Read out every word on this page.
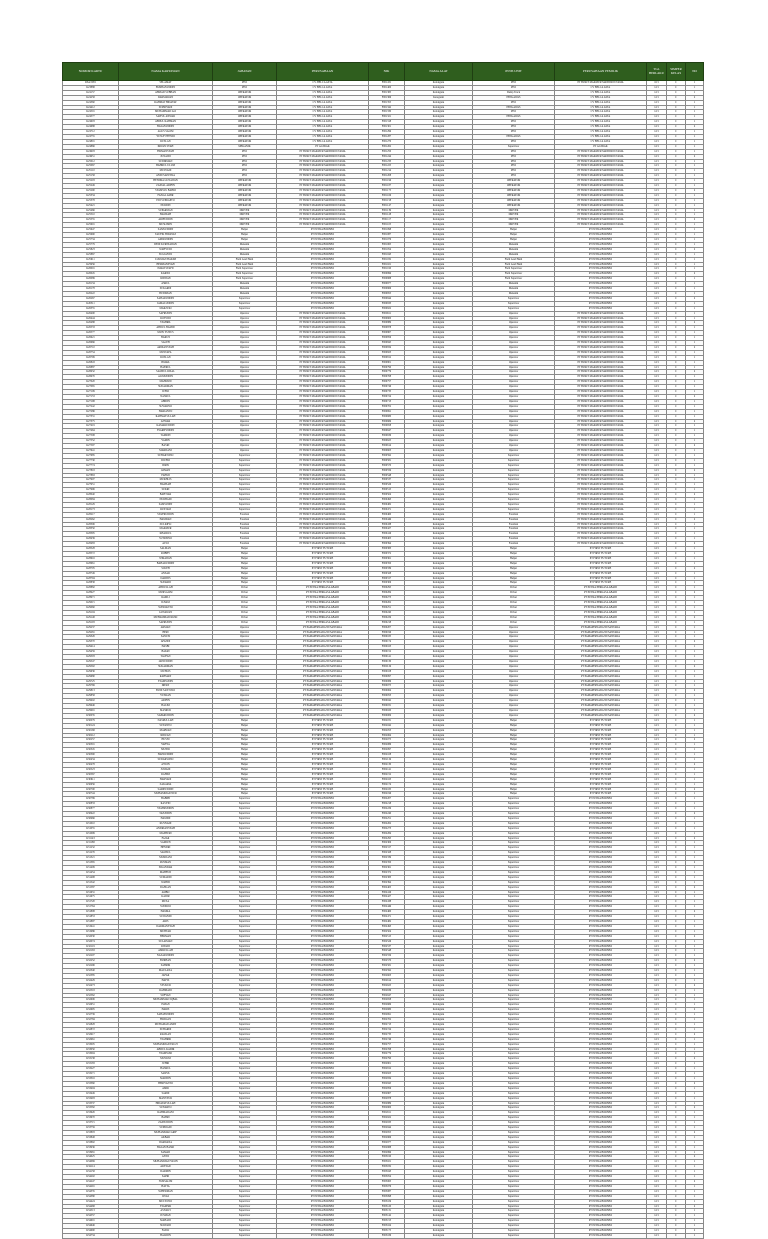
NOMOR KARTU	NAMA KARYAWAN	JABATAN	PERUSAHAAN	NIK	NAMA ALAT	JENIS UNIT	PERUSAHAAN PEMILIK	TGL BERLAKU	SIMPER KELAS	NO
RSA 0081	SELAMAT	PEO	CV. BELCA ASTA	F001431	Kalonganu	PEO	PT BUKIT MAKMUR MANDIRI UTAMA	10/1	C	1
K23888	BURHANUDDIN	PEO	CV BELCA ASTA	F001400	Kalonganu	PEO	CV BELCA ASTA	12/1	C	1
K24157	AHMAD SUBHAN	OPERATOR	CV BELCA ASTA	F001385	Kalonganu	Dump Truck	CV BELCA ASTA	12/1	C	1
K24258	DARMAWAN	OPERATOR	CV BELCA ASTA	F001366	Karaganni	PENGAWAS	CV BELCA ASTA	12/1	C	2
K24360	RAHMAT HIDAYAT	OPERATOR	CV BELCA ASTA	F001355	Kalonganu	PEO	CV BELCA ASTA	12/1	C	1
K24412	SUPRIYADI	OPERATOR	CV BELCA ASTA	F001342	Kalonganu	PENGAWAS	CV BELCA ASTA	12/1	C	1
K24501	MUHAMMAD ALI	OPERATOR	CV BELCA ASTA	F001330	Kalonganu	PEO	CV BELCA ASTA	12/1	C	1
K24577	SAIFUL ANWAR	OPERATOR	CV BELCA ASTA	F001321	Kalonganu	PENGAWAS	CV BELCA ASTA	12/1	C	1
K24603	ABDUL RAHMAN	OPERATOR	CV BELCA ASTA	F001318	Kalonganu	PEO	CV BELCA ASTA	12/1	C	1
K24688	HASANUDDIN	OPERATOR	CV BELCA ASTA	F001301	Kalonganu	PEO	CV BELCA ASTA	12/1	C	2
K24712	AGUS SALIM	OPERATOR	CV BELCA ASTA	F001299	Kalonganu	PEO	CV BELCA ASTA	12/1	C	1
K24755	YUSUF EFENDI	OPERATOR	CV BELCA ASTA	F001287	Kalonganu	PENGAWAS	CV BELCA ASTA	12/1	C	1
K24801	RUSLAN	OPERATOR	CV BELCA ASTA	F001270	Kalonganu	PEO	CV BELCA ASTA	12/1	C	1
K24866	IRWAN SYAH	MEKANIK	PT AGTRAK	F001262	Kalonganu	Supervisor	PT AGTRAK	12/1	C	1
K24903	FIRMANSYAH	PEO	PT BUKIT MAKMUR MANDIRI UTAMA	F001250	Kalonganu	PEO	PT BUKIT MAKMUR MANDIRI UTAMA	12/1	C	1
K24951	JUNAIDI	PEO	PT BUKIT MAKMUR MANDIRI UTAMA	F001244	Kalonganu	PEO	PT BUKIT MAKMUR MANDIRI UTAMA	12/1	C	2
K25012	SUDIRMAN	PEO	PT BUKIT MAKMUR MANDIRI UTAMA	F001233	Kalonganu	PEO	PT BUKIT MAKMUR MANDIRI UTAMA	12/1	C	1
K25067	BAHRUL ULUM	PEO	PT BUKIT MAKMUR MANDIRI UTAMA	F001225	Kalonganu	PEO	PT BUKIT MAKMUR MANDIRI UTAMA	12/1	C	1
K25110	MULYADI	PEO	PT BUKIT MAKMUR MANDIRI UTAMA	F001214	Kalonganu	PEO	PT BUKIT MAKMUR MANDIRI UTAMA	12/1	C	1
K25158	ANDI SAPUTRA	PEO	PT BUKIT MAKMUR MANDIRI UTAMA	F001208	Kalonganu	PEO	PT BUKIT MAKMUR MANDIRI UTAMA	12/1	C	1
K25203	HENDRA GUNAWAN	OPERATOR	PT BUKIT MAKMUR MANDIRI UTAMA	F001196	Kalonganu	OPERATOR	PT BUKIT MAKMUR MANDIRI UTAMA	12/1	C	1
K25249	ZAINAL ARIFIN	OPERATOR	PT BUKIT MAKMUR MANDIRI UTAMA	F001187	Kalonganu	OPERATOR	PT BUKIT MAKMUR MANDIRI UTAMA	12/1	C	1
K25290	SYAMSUL BAHRI	OPERATOR	PT BUKIT MAKMUR MANDIRI UTAMA	F001175	Kalonganu	OPERATOR	PT BUKIT MAKMUR MANDIRI UTAMA	12/1	C	2
K25334	FAISAL AMIR	OPERATOR	PT BUKIT MAKMUR MANDIRI UTAMA	F001166	Kalonganu	OPERATOR	PT BUKIT MAKMUR MANDIRI UTAMA	12/1	C	1
K25378	EDI SUPRAPTO	OPERATOR	PT BUKIT MAKMUR MANDIRI UTAMA	F001158	Kalonganu	OPERATOR	PT BUKIT MAKMUR MANDIRI UTAMA	12/1	C	1
K25421	NURDIN	OPERATOR	PT BUKIT MAKMUR MANDIRI UTAMA	F001147	Kalonganu	OPERATOR	PT BUKIT MAKMUR MANDIRI UTAMA	12/1	C	1
K25466	SUPARMAN	DRIVER	PT BUKIT MAKMUR MANDIRI UTAMA	F001139	Kalonganu	DRIVER	PT BUKIT MAKMUR MANDIRI UTAMA	12/1	C	1
K25510	HAMZAH	DRIVER	PT BUKIT MAKMUR MANDIRI UTAMA	F001128	Kalonganu	DRIVER	PT BUKIT MAKMUR MANDIRI UTAMA	12/1	C	1
K25555	ARIFUDDIN	DRIVER	PT BUKIT MAKMUR MANDIRI UTAMA	F001117	Kalonganu	DRIVER	PT BUKIT MAKMUR MANDIRI UTAMA	12/1	C	2
K25601	MUSLIMIN	DRIVER	PT BUKIT MAKMUR MANDIRI UTAMA	F001105	Kalonganu	DRIVER	PT BUKIT MAKMUR MANDIRI UTAMA	12/1	C	1
K25647	SAMSUDDIN	Helper	PT PUTRA BORNEO	F001098	Kalonganu	Helper	PT PUTRA BORNEO	12/1	C	1
K25690	TAUFIK HIDAYAT	Helper	PT PUTRA BORNEO	F001087	Kalonganu	Helper	PT PUTRA BORNEO	12/1	C	1
K25734	AMIRUDDIN	Helper	PT PUTRA BORNEO	F001076	Kalonganu	Helper	PT PUTRA BORNEO	12/1	C	1
K25779	DEDI KURNIAWAN	Mekanik	PT PUTRA BORNEO	F001065	Kalonganu	Mekanik	PT PUTRA BORNEO	12/1	C	1
K25823	WAHYUDI	Mekanik	PT PUTRA BORNEO	F001054	Kalonganu	Mekanik	PT PUTRA BORNEO	12/1	C	2
K25867	SUGIANTO	Mekanik	PT PUTRA BORNEO	F001043	Kalonganu	Mekanik	PT PUTRA BORNEO	12/1	C	1
K25911	LUKMAN HAKIM	Field Lead Hand	PT PUTRA BORNEO	F001032	Kalonganu	Field Lead Hand	PT PUTRA BORNEO	12/1	C	1
K25956	HERMANSYAH	Field Lead Hand	PT PUTRA BORNEO	F001021	Kalonganu	Field Lead Hand	PT PUTRA BORNEO	12/1	C	1
K26001	IMAM SYAFII	Field Supervisor	PT PUTRA BORNEO	F001010	Kalonganu	Field Supervisor	PT PUTRA BORNEO	12/1	C	1
K26045	KARNO	Field Supervisor	PT PUTRA BORNEO	F000999	Kalonganu	Field Supervisor	PT PUTRA BORNEO	12/1	C	2
K26089	RIDWAN	Field Supervisor	PT PUTRA BORNEO	F000988	Kalonganu	Field Supervisor	PT PUTRA BORNEO	12/1	C	1
K26134	ASRUL	Mekanik	PT PUTRA BORNEO	F000977	Kalonganu	Mekanik	PT PUTRA BORNEO	12/1	C	1
K26178	SUKARDI	Mekanik	PT PUTRA BORNEO	F000966	Kalonganu	Mekanik	PT PUTRA BORNEO	12/1	C	1
K26222	BUDIMAN	Mekanik	PT PUTRA BORNEO	F000955	Kalonganu	Mekanik	PT PUTRA BORNEO	12/1	C	1
K26267	SAHARUDDIN	Supervisor	PT PUTRA BORNEO	F000944	Kalonganu	Supervisor	PT PUTRA BORNEO	12/1	C	2
K26311	JAMALUDDIN	Supervisor	PT PUTRA BORNEO	F000933	Kalonganu	Supervisor	PT PUTRA BORNEO	12/1	C	1
K26355	MARZUKI	Supervisor	PT PUTRA BORNEO	F000922	Kalonganu	Supervisor	PT PUTRA BORNEO	12/1	C	1
K26400	SAFRUDIN	Operator	PT BUKIT MAKMUR MANDIRI UTAMA	F000911	Kalonganu	Operator	PT BUKIT MAKMUR MANDIRI UTAMA	12/1	C	1
K26444	ROSYIDI	Operator	PT BUKIT MAKMUR MANDIRI UTAMA	F000900	Kalonganu	Operator	PT BUKIT MAKMUR MANDIRI UTAMA	12/1	C	1
K26488	SYAHRIL	Operator	PT BUKIT MAKMUR MANDIRI UTAMA	F000889	Kalonganu	Operator	PT BUKIT MAKMUR MANDIRI UTAMA	12/1	C	2
K26533	ABDUL HAMID	Operator	PT BUKIT MAKMUR MANDIRI UTAMA	F000878	Kalonganu	Operator	PT BUKIT MAKMUR MANDIRI UTAMA	12/1	C	1
K26577	MUH. YUNUS	Operator	PT BUKIT MAKMUR MANDIRI UTAMA	F000867	Kalonganu	Operator	PT BUKIT MAKMUR MANDIRI UTAMA	12/1	C	1
K26621	HARUN	Operator	PT BUKIT MAKMUR MANDIRI UTAMA	F000856	Kalonganu	Operator	PT BUKIT MAKMUR MANDIRI UTAMA	12/1	C	1
K26666	SALEH	Operator	PT BUKIT MAKMUR MANDIRI UTAMA	F000845	Kalonganu	Operator	PT BUKIT MAKMUR MANDIRI UTAMA	12/1	C	1
K26710	ARDIANSYAH	Operator	PT BUKIT MAKMUR MANDIRI UTAMA	F000834	Kalonganu	Operator	PT BUKIT MAKMUR MANDIRI UTAMA	12/1	C	2
K26754	MUSTAFA	Operator	PT BUKIT MAKMUR MANDIRI UTAMA	F000823	Kalonganu	Operator	PT BUKIT MAKMUR MANDIRI UTAMA	12/1	C	1
K26799	ROSLAN	Operator	PT BUKIT MAKMUR MANDIRI UTAMA	F000812	Kalonganu	Operator	PT BUKIT MAKMUR MANDIRI UTAMA	12/1	C	1
K26843	ISMAIL	Operator	PT BUKIT MAKMUR MANDIRI UTAMA	F000801	Kalonganu	Operator	PT BUKIT MAKMUR MANDIRI UTAMA	12/1	C	1
K26887	HAERUL	Operator	PT BUKIT MAKMUR MANDIRI UTAMA	F000790	Kalonganu	Operator	PT BUKIT MAKMUR MANDIRI UTAMA	12/1	C	1
K26932	SAMSUL RIZAL	Operator	PT BUKIT MAKMUR MANDIRI UTAMA	F000779	Kalonganu	Operator	PT BUKIT MAKMUR MANDIRI UTAMA	12/1	C	2
K26976	ALIMUDDIN	Operator	PT BUKIT MAKMUR MANDIRI UTAMA	F000768	Kalonganu	Operator	PT BUKIT MAKMUR MANDIRI UTAMA	12/1	C	1
K27020	MAHMUD	Operator	PT BUKIT MAKMUR MANDIRI UTAMA	F000757	Kalonganu	Operator	PT BUKIT MAKMUR MANDIRI UTAMA	12/1	C	1
K27065	SUDARMAN	Operator	PT BUKIT MAKMUR MANDIRI UTAMA	F000746	Kalonganu	Operator	PT BUKIT MAKMUR MANDIRI UTAMA	12/1	C	1
K27109	JUFRI	Operator	PT BUKIT MAKMUR MANDIRI UTAMA	F000735	Kalonganu	Operator	PT BUKIT MAKMUR MANDIRI UTAMA	12/1	C	1
K27153	NASRUL	Operator	PT BUKIT MAKMUR MANDIRI UTAMA	F000724	Kalonganu	Operator	PT BUKIT MAKMUR MANDIRI UTAMA	12/1	C	2
K27198	ABIDIN	Operator	PT BUKIT MAKMUR MANDIRI UTAMA	F000713	Kalonganu	Operator	PT BUKIT MAKMUR MANDIRI UTAMA	12/1	C	1
K27242	SUWARNO	Operator	PT BUKIT MAKMUR MANDIRI UTAMA	F000702	Kalonganu	Operator	PT BUKIT MAKMUR MANDIRI UTAMA	12/1	C	1
K27286	HARIANTO	Operator	PT BUKIT MAKMUR MANDIRI UTAMA	F000691	Kalonganu	Operator	PT BUKIT MAKMUR MANDIRI UTAMA	12/1	C	1
K27331	RAHMATULLAH	Operator	PT BUKIT MAKMUR MANDIRI UTAMA	F000680	Kalonganu	Operator	PT BUKIT MAKMUR MANDIRI UTAMA	12/1	C	1
K27375	ANWAR	Operator	PT BUKIT MAKMUR MANDIRI UTAMA	F000669	Kalonganu	Operator	PT BUKIT MAKMUR MANDIRI UTAMA	12/1	C	2
K27419	KAMARUDDIN	Operator	PT BUKIT MAKMUR MANDIRI UTAMA	F000658	Kalonganu	Operator	PT BUKIT MAKMUR MANDIRI UTAMA	12/1	C	1
K27464	SYARIFUDDIN	Operator	PT BUKIT MAKMUR MANDIRI UTAMA	F000647	Kalonganu	Operator	PT BUKIT MAKMUR MANDIRI UTAMA	12/1	C	1
K27508	TAMRIN	Operator	PT BUKIT MAKMUR MANDIRI UTAMA	F000636	Kalonganu	Operator	PT BUKIT MAKMUR MANDIRI UTAMA	12/1	C	1
K27552	YAMIN	Operator	PT BUKIT MAKMUR MANDIRI UTAMA	F000625	Kalonganu	Operator	PT BUKIT MAKMUR MANDIRI UTAMA	12/1	C	1
K27597	BASRI	Operator	PT BUKIT MAKMUR MANDIRI UTAMA	F000614	Kalonganu	Operator	PT BUKIT MAKMUR MANDIRI UTAMA	12/1	C	2
K27641	MARDANI	Operator	PT BUKIT MAKMUR MANDIRI UTAMA	F000603	Kalonganu	Operator	PT BUKIT MAKMUR MANDIRI UTAMA	12/1	C	1
K27685	SUHARTONO	Supervisor	PT BUKIT MAKMUR MANDIRI UTAMA	F000592	Kalonganu	Supervisor	PT BUKIT MAKMUR MANDIRI UTAMA	12/1	C	1
K27730	DJUFRI	Supervisor	PT BUKIT MAKMUR MANDIRI UTAMA	F000581	Kalonganu	Supervisor	PT BUKIT MAKMUR MANDIRI UTAMA	12/1	C	1
K27774	IDRIS	Supervisor	PT BUKIT MAKMUR MANDIRI UTAMA	F000570	Kalonganu	Supervisor	PT BUKIT MAKMUR MANDIRI UTAMA	12/1	C	1
K27818	ASMAN	Supervisor	PT BUKIT MAKMUR MANDIRI UTAMA	F000559	Kalonganu	Supervisor	PT BUKIT MAKMUR MANDIRI UTAMA	12/1	C	2
K27863	FAHMI	Supervisor	PT BUKIT MAKMUR MANDIRI UTAMA	F000548	Kalonganu	Supervisor	PT BUKIT MAKMUR MANDIRI UTAMA	12/1	C	1
K27907	MUKHLIS	Supervisor	PT BUKIT MAKMUR MANDIRI UTAMA	F000537	Kalonganu	Supervisor	PT BUKIT MAKMUR MANDIRI UTAMA	12/1	C	1
K27951	HAMSAH	Supervisor	PT BUKIT MAKMUR MANDIRI UTAMA	F000526	Kalonganu	Supervisor	PT BUKIT MAKMUR MANDIRI UTAMA	12/1	C	1
K27996	SUKRI	Supervisor	PT BUKIT MAKMUR MANDIRI UTAMA	F000515	Kalonganu	Supervisor	PT BUKIT MAKMUR MANDIRI UTAMA	12/1	C	1
K28040	BAHTIAR	Supervisor	PT BUKIT MAKMUR MANDIRI UTAMA	F000504	Kalonganu	Supervisor	PT BUKIT MAKMUR MANDIRI UTAMA	12/1	C	2
K28084	NURHADI	Supervisor	PT BUKIT MAKMUR MANDIRI UTAMA	F000493	Kalonganu	Supervisor	PT BUKIT MAKMUR MANDIRI UTAMA	12/1	C	1
K28129	SAMSUDIN	Supervisor	PT BUKIT MAKMUR MANDIRI UTAMA	F000482	Kalonganu	Supervisor	PT BUKIT MAKMUR MANDIRI UTAMA	12/1	C	1
K28173	RUSTAM	Supervisor	PT BUKIT MAKMUR MANDIRI UTAMA	F000471	Kalonganu	Supervisor	PT BUKIT MAKMUR MANDIRI UTAMA	12/1	C	1
K28217	SYAFRUDDIN	Foreman	PT BUKIT MAKMUR MANDIRI UTAMA	F000460	Kalonganu	Foreman	PT BUKIT MAKMUR MANDIRI UTAMA	12/1	C	1
K28262	HAMDAN	Foreman	PT BUKIT MAKMUR MANDIRI UTAMA	F000449	Kalonganu	Foreman	PT BUKIT MAKMUR MANDIRI UTAMA	12/1	C	2
K28306	ZULKIFLI	Foreman	PT BUKIT MAKMUR MANDIRI UTAMA	F000438	Kalonganu	Foreman	PT BUKIT MAKMUR MANDIRI UTAMA	12/1	C	1
K28350	MAKMUR	Foreman	PT BUKIT MAKMUR MANDIRI UTAMA	F000427	Kalonganu	Foreman	PT BUKIT MAKMUR MANDIRI UTAMA	12/1	C	1
K28395	KHAIRUL	Foreman	PT BUKIT MAKMUR MANDIRI UTAMA	F000416	Kalonganu	Foreman	PT BUKIT MAKMUR MANDIRI UTAMA	12/1	C	1
K28439	SUTRISNO	Foreman	PT BUKIT MAKMUR MANDIRI UTAMA	F000405	Kalonganu	Foreman	PT BUKIT MAKMUR MANDIRI UTAMA	12/1	C	1
K28483	ALWI	Foreman	PT BUKIT MAKMUR MANDIRI UTAMA	F000394	Kalonganu	Foreman	PT BUKIT MAKMUR MANDIRI UTAMA	12/1	C	2
K28528	SALMAN	Helper	PT FIRST FUTURE	F000383	Kalonganu	Helper	PT FIRST FUTURE	12/1	C	1
K28572	ROBBY	Helper	PT FIRST FUTURE	F000372	Kalonganu	Helper	PT FIRST FUTURE	12/1	C	1
K28616	WIRAWAN	Helper	PT FIRST FUTURE	F000361	Kalonganu	Helper	PT FIRST FUTURE	12/1	C	1
K28661	BAHARUDDIN	Helper	PT FIRST FUTURE	F000350	Kalonganu	Helper	PT FIRST FUTURE	12/1	C	1
K28705	SOLEH	Helper	PT FIRST FUTURE	F000339	Kalonganu	Helper	PT FIRST FUTURE	12/1	C	2
K28749	ANSAR	Helper	PT FIRST FUTURE	F000328	Kalonganu	Helper	PT FIRST FUTURE	12/1	C	1
K28794	DARWIS	Helper	PT FIRST FUTURE	F000317	Kalonganu	Helper	PT FIRST FUTURE	12/1	C	1
K28838	SUPARDI	Helper	PT FIRST FUTURE	F000306	Kalonganu	Helper	PT FIRST FUTURE	12/1	C	1
K28882	ABDULLAH	Driver	PT PUTRA PERKASA ABADI	F000295	Kalonganu	Driver	PT PUTRA PERKASA ABADI	12/1	C	1
K28927	MURSALIM	Driver	PT PUTRA PERKASA ABADI	F000284	Kalonganu	Driver	PT PUTRA PERKASA ABADI	12/1	C	2
K28971	RAMLI	Driver	PT PUTRA PERKASA ABADI	F000273	Kalonganu	Driver	PT PUTRA PERKASA ABADI	12/1	C	1
K29015	ILHAM	Driver	PT PUTRA PERKASA ABADI	F000262	Kalonganu	Driver	PT PUTRA PERKASA ABADI	12/1	C	1
K29060	SUPRIANTO	Driver	PT PUTRA PERKASA ABADI	F000251	Kalonganu	Driver	PT PUTRA PERKASA ABADI	12/1	C	1
K29104	GUNAWAN	Driver	PT PUTRA PERKASA ABADI	F000240	Kalonganu	Driver	PT PUTRA PERKASA ABADI	12/1	C	1
K29148	MUHAMMAD RIZKI	Driver	PT PUTRA PERKASA ABADI	F000229	Kalonganu	Driver	PT PUTRA PERKASA ABADI	12/1	C	2
K29193	SAPRUDIN	Driver	PT PUTRA PERKASA ABADI	F000218	Kalonganu	Driver	PT PUTRA PERKASA ABADI	12/1	C	1
K29237	ARMAN	Operator	PT PAMAPERSADA NUSANTARA	F000207	Kalonganu	Operator	PT PAMAPERSADA NUSANTARA	12/1	C	1
K29281	HERI	Operator	PT PAMAPERSADA NUSANTARA	F000196	Kalonganu	Operator	PT PAMAPERSADA NUSANTARA	12/1	C	1
K29326	SANUSI	Operator	PT PAMAPERSADA NUSANTARA	F000185	Kalonganu	Operator	PT PAMAPERSADA NUSANTARA	12/1	C	1
K29370	AFANDI	Operator	PT PAMAPERSADA NUSANTARA	F000174	Kalonganu	Operator	PT PAMAPERSADA NUSANTARA	12/1	C	2
K29414	HASBI	Operator	PT PAMAPERSADA NUSANTARA	F000163	Kalonganu	Operator	PT PAMAPERSADA NUSANTARA	12/1	C	1
K29459	BAKRI	Operator	PT PAMAPERSADA NUSANTARA	F000152	Kalonganu	Operator	PT PAMAPERSADA NUSANTARA	12/1	C	1
K29503	TAUFAN	Operator	PT PAMAPERSADA NUSANTARA	F000141	Kalonganu	Operator	PT PAMAPERSADA NUSANTARA	12/1	C	1
K29547	JAINUDDIN	Operator	PT PAMAPERSADA NUSANTARA	F000130	Kalonganu	Operator	PT PAMAPERSADA NUSANTARA	12/1	C	1
K29592	SUKARMAN	Operator	PT PAMAPERSADA NUSANTARA	F000119	Kalonganu	Operator	PT PAMAPERSADA NUSANTARA	12/1	C	2
K29636	MUHLIS	Operator	PT PAMAPERSADA NUSANTARA	F000108	Kalonganu	Operator	PT PAMAPERSADA NUSANTARA	12/1	C	1
K29680	RAHMAN	Operator	PT PAMAPERSADA NUSANTARA	F000097	Kalonganu	Operator	PT PAMAPERSADA NUSANTARA	12/1	C	1
K29725	SYAMSUDIN	Operator	PT PAMAPERSADA NUSANTARA	F000086	Kalonganu	Operator	PT PAMAPERSADA NUSANTARA	12/1	C	1
K29769	IRFAN	Operator	PT PAMAPERSADA NUSANTARA	F000075	Kalonganu	Operator	PT PAMAPERSADA NUSANTARA	12/1	C	1
K29813	BUDI SANTOSO	Operator	PT PAMAPERSADA NUSANTARA	F000064	Kalonganu	Operator	PT PAMAPERSADA NUSANTARA	12/1	C	2
K29858	YUSRAN	Operator	PT PAMAPERSADA NUSANTARA	F000053	Kalonganu	Operator	PT PAMAPERSADA NUSANTARA	12/1	C	1
K29902	ARIFIN	Operator	PT PAMAPERSADA NUSANTARA	F000042	Kalonganu	Operator	PT PAMAPERSADA NUSANTARA	12/1	C	1
K29946	HALIM	Operator	PT PAMAPERSADA NUSANTARA	F000031	Kalonganu	Operator	PT PAMAPERSADA NUSANTARA	12/1	C	1
K29991	MASRUR	Operator	PT PAMAPERSADA NUSANTARA	F000020	Kalonganu	Operator	PT PAMAPERSADA NUSANTARA	12/1	C	1
K30035	SAPARUDDIN	Operator	PT PAMAPERSADA NUSANTARA	F000009	Kalonganu	Operator	PT PAMAPERSADA NUSANTARA	12/1	C	2
K30079	NASRULLAH	Helper	PT FIRST FUTURE	F002031	Kalonganu	Helper	PT FIRST FUTURE	12/1	C	1
K30124	SUYANTO	Helper	PT FIRST FUTURE	F002042	Kalonganu	Helper	PT FIRST FUTURE	12/1	C	1
K30168	MARWAN	Helper	PT FIRST FUTURE	F002053	Kalonganu	Helper	PT FIRST FUTURE	12/1	C	1
K30212	RIDUAN	Helper	PT FIRST FUTURE	F002064	Kalonganu	Helper	PT FIRST FUTURE	12/1	C	1
K30257	HUSNI	Helper	PT FIRST FUTURE	F002075	Kalonganu	Helper	PT FIRST FUTURE	12/1	C	2
K30301	YAHYA	Helper	PT FIRST FUTURE	F002086	Kalonganu	Helper	PT FIRST FUTURE	12/1	C	1
K30345	MUNIR	Helper	PT FIRST FUTURE	F002097	Kalonganu	Helper	PT FIRST FUTURE	12/1	C	1
K30390	HAERUDDIN	Helper	PT FIRST FUTURE	F002108	Kalonganu	Helper	PT FIRST FUTURE	12/1	C	1
K30434	SUDARSONO	Helper	PT FIRST FUTURE	F002119	Kalonganu	Helper	PT FIRST FUTURE	12/1	C	1
K30478	ASWIN	Helper	PT FIRST FUTURE	F002130	Kalonganu	Helper	PT FIRST FUTURE	12/1	C	2
K30523	JUMADI	Helper	PT FIRST FUTURE	F002141	Kalonganu	Helper	PT FIRST FUTURE	12/1	C	1
K30567	RAHIM	Helper	PT FIRST FUTURE	F002152	Kalonganu	Helper	PT FIRST FUTURE	12/1	C	1
K30611	HARYADI	Helper	PT FIRST FUTURE	F002163	Kalonganu	Helper	PT FIRST FUTURE	12/1	C	1
K30656	ZAKARIA	Helper	PT FIRST FUTURE	F002174	Kalonganu	Helper	PT FIRST FUTURE	12/1	C	1
K30700	SARIPUDDIN	Helper	PT FIRST FUTURE	F002185	Kalonganu	Helper	PT FIRST FUTURE	12/1	C	2
K30744	MUHAMMAD NUR	Helper	PT FIRST FUTURE	F002196	Kalonganu	Helper	PT FIRST FUTURE	12/1	C	1
K30789	HABIBI	Supervisor	PT PUTRA BORNEO	F002207	Kalonganu	Supervisor	PT PUTRA BORNEO	12/1	C	1
K30833	RASYID	Supervisor	PT PUTRA BORNEO	F002218	Kalonganu	Supervisor	PT PUTRA BORNEO	12/1	C	1
K30877	SYAHRUDDIN	Supervisor	PT PUTRA BORNEO	F002229	Kalonganu	Supervisor	PT PUTRA BORNEO	12/1	C	1
K30922	TAJUDDIN	Supervisor	PT PUTRA BORNEO	F002240	Kalonganu	Supervisor	PT PUTRA BORNEO	12/1	C	2
K30966	HAMIDI	Supervisor	PT PUTRA BORNEO	F002251	Kalonganu	Supervisor	PT PUTRA BORNEO	12/1	C	1
K31010	KUSNADI	Supervisor	PT PUTRA BORNEO	F002262	Kalonganu	Supervisor	PT PUTRA BORNEO	12/1	C	1
K31055	ANDRIANSYAH	Supervisor	PT PUTRA BORNEO	F002273	Kalonganu	Supervisor	PT PUTRA BORNEO	12/1	C	1
K31099	MASHURI	Supervisor	PT PUTRA BORNEO	F002284	Kalonganu	Supervisor	PT PUTRA BORNEO	12/1	C	1
K31143	FAJAR	Supervisor	PT PUTRA BORNEO	F002295	Kalonganu	Supervisor	PT PUTRA BORNEO	12/1	C	2
K31188	SAMIUN	Supervisor	PT PUTRA BORNEO	F002306	Kalonganu	Supervisor	PT PUTRA BORNEO	12/1	C	1
K31232	HENDRI	Supervisor	PT PUTRA BORNEO	F002317	Kalonganu	Supervisor	PT PUTRA BORNEO	12/1	C	1
K31276	SAMSUL	Supervisor	PT PUTRA BORNEO	F002328	Kalonganu	Supervisor	PT PUTRA BORNEO	12/1	C	1
K31321	MURDANI	Supervisor	PT PUTRA BORNEO	F002339	Kalonganu	Supervisor	PT PUTRA BORNEO	12/1	C	1
K31365	RUSMAN	Supervisor	PT PUTRA BORNEO	F002350	Kalonganu	Supervisor	PT PUTRA BORNEO	12/1	C	2
K31409	ISKANDAR	Supervisor	PT PUTRA BORNEO	F002361	Kalonganu	Supervisor	PT PUTRA BORNEO	12/1	C	1
K31454	MAHFUD	Supervisor	PT PUTRA BORNEO	F002372	Kalonganu	Supervisor	PT PUTRA BORNEO	12/1	C	1
K31498	SUMARDI	Supervisor	PT PUTRA BORNEO	F002383	Kalonganu	Supervisor	PT PUTRA BORNEO	12/1	C	1
K31542	WAHID	Supervisor	PT PUTRA BORNEO	F002394	Kalonganu	Supervisor	PT PUTRA BORNEO	12/1	C	1
K31587	DAHLAN	Supervisor	PT PUTRA BORNEO	F002405	Kalonganu	Supervisor	PT PUTRA BORNEO	12/1	C	2
K31631	AMBO	Supervisor	PT PUTRA BORNEO	F002416	Kalonganu	Supervisor	PT PUTRA BORNEO	12/1	C	1
K31675	KADIR	Supervisor	PT PUTRA BORNEO	F002427	Kalonganu	Supervisor	PT PUTRA BORNEO	12/1	C	1
K31720	MUSA	Supervisor	PT PUTRA BORNEO	F002438	Kalonganu	Supervisor	PT PUTRA BORNEO	12/1	C	1
K31764	SUDIRJO	Supervisor	PT PUTRA BORNEO	F002449	Kalonganu	Supervisor	PT PUTRA BORNEO	12/1	C	1
K31808	HAMKA	Supervisor	PT PUTRA BORNEO	F002460	Kalonganu	Supervisor	PT PUTRA BORNEO	12/1	C	2
K31853	SUWANDI	Supervisor	PT PUTRA BORNEO	F002471	Kalonganu	Supervisor	PT PUTRA BORNEO	12/1	C	1
K31897	ARIS	Supervisor	PT PUTRA BORNEO	F002482	Kalonganu	Supervisor	PT PUTRA BORNEO	12/1	C	1
K31941	DARMANSYAH	Supervisor	PT PUTRA BORNEO	F002493	Kalonganu	Supervisor	PT PUTRA BORNEO	12/1	C	1
K31986	MUHTAR	Supervisor	PT PUTRA BORNEO	F002504	Kalonganu	Supervisor	PT PUTRA BORNEO	12/1	C	1
K32030	HERMAN	Supervisor	PT PUTRA BORNEO	F002515	Kalonganu	Supervisor	PT PUTRA BORNEO	12/1	C	2
K32074	SULAIMAN	Supervisor	PT PUTRA BORNEO	F002526	Kalonganu	Supervisor	PT PUTRA BORNEO	12/1	C	1
K32119	RIYADI	Supervisor	PT PUTRA BORNEO	F002537	Kalonganu	Supervisor	PT PUTRA BORNEO	12/1	C	1
K32163	AMRULLAH	Supervisor	PT PUTRA BORNEO	F002548	Kalonganu	Supervisor	PT PUTRA BORNEO	12/1	C	1
K32207	NAZARUDDIN	Supervisor	PT PUTRA BORNEO	F002559	Kalonganu	Supervisor	PT PUTRA BORNEO	12/1	C	1
K32252	BURHAN	Supervisor	PT PUTRA BORNEO	F002570	Kalonganu	Supervisor	PT PUTRA BORNEO	12/1	C	2
K32296	SAHRIR	Supervisor	PT PUTRA BORNEO	F002581	Kalonganu	Supervisor	PT PUTRA BORNEO	12/1	C	1
K32340	MAULANA	Supervisor	PT PUTRA BORNEO	F002592	Kalonganu	Supervisor	PT PUTRA BORNEO	12/1	C	1
K32385	JAFAR	Supervisor	PT PUTRA BORNEO	F002603	Kalonganu	Supervisor	PT PUTRA BORNEO	12/1	C	1
K32429	HAFIZ	Supervisor	PT PUTRA BORNEO	F002614	Kalonganu	Supervisor	PT PUTRA BORNEO	12/1	C	1
K32473	SYUKUR	Supervisor	PT PUTRA BORNEO	F002625	Kalonganu	Supervisor	PT PUTRA BORNEO	12/1	C	2
K32518	RAHMADI	Supervisor	PT PUTRA BORNEO	F002636	Kalonganu	Supervisor	PT PUTRA BORNEO	12/1	C	1
K32562	SOFYAN	Supervisor	PT PUTRA BORNEO	F002647	Kalonganu	Supervisor	PT PUTRA BORNEO	12/1	C	1
K32606	MUHAMMAD IQBAL	Supervisor	PT PUTRA BORNEO	F002658	Kalonganu	Supervisor	PT PUTRA BORNEO	12/1	C	1
K32651	ISMAN	Supervisor	PT PUTRA BORNEO	F002669	Kalonganu	Supervisor	PT PUTRA BORNEO	12/1	C	1
K32695	HARIS	Supervisor	PT PUTRA BORNEO	F002680	Kalonganu	Supervisor	PT PUTRA BORNEO	12/1	C	2
K32739	SAHABUDDIN	Supervisor	PT PUTRA BORNEO	F002691	Kalonganu	Supervisor	PT PUTRA BORNEO	12/1	C	1
K32784	FIRDAUS	Supervisor	PT PUTRA BORNEO	F002702	Kalonganu	Supervisor	PT PUTRA BORNEO	12/1	C	1
K32828	MUHAMAD AMIN	Supervisor	PT PUTRA BORNEO	F002713	Kalonganu	Supervisor	PT PUTRA BORNEO	12/1	C	1
K32872	SUHARDI	Supervisor	PT PUTRA BORNEO	F002724	Kalonganu	Supervisor	PT PUTRA BORNEO	12/1	C	1
K32917	RAMLAN	Supervisor	PT PUTRA BORNEO	F002735	Kalonganu	Supervisor	PT PUTRA BORNEO	12/1	C	2
K32961	SYAHRIR	Supervisor	PT PUTRA BORNEO	F002746	Kalonganu	Supervisor	PT PUTRA BORNEO	12/1	C	1
K33005	MUHAMMAD FAUZI	Supervisor	PT PUTRA BORNEO	F002757	Kalonganu	Supervisor	PT PUTRA BORNEO	12/1	C	1
K33050	ABDUL KADIR	Supervisor	PT PUTRA BORNEO	F002768	Kalonganu	Supervisor	PT PUTRA BORNEO	12/1	C	1
K33094	SYAMSURI	Supervisor	PT PUTRA BORNEO	F002779	Kalonganu	Supervisor	PT PUTRA BORNEO	12/1	C	1
K33138	MUSLIM	Supervisor	PT PUTRA BORNEO	F002790	Kalonganu	Supervisor	PT PUTRA BORNEO	12/1	C	2
K33183	JUHRI	Supervisor	PT PUTRA BORNEO	F002801	Kalonganu	Supervisor	PT PUTRA BORNEO	12/1	C	1
K33227	HASRUL	Supervisor	PT PUTRA BORNEO	F002812	Kalonganu	Supervisor	PT PUTRA BORNEO	12/1	C	1
K33271	SAIPUL	Supervisor	PT PUTRA BORNEO	F002823	Kalonganu	Supervisor	PT PUTRA BORNEO	12/1	C	1
K33316	MADDIN	Supervisor	PT PUTRA BORNEO	F002834	Kalonganu	Supervisor	PT PUTRA BORNEO	12/1	C	1
K33360	HERIYANTO	Supervisor	PT PUTRA BORNEO	F002845	Kalonganu	Supervisor	PT PUTRA BORNEO	12/1	C	2
K33404	AMIR	Supervisor	PT PUTRA BORNEO	F002856	Kalonganu	Supervisor	PT PUTRA BORNEO	12/1	C	1
K33449	SARDI	Supervisor	PT PUTRA BORNEO	F002867	Kalonganu	Supervisor	PT PUTRA BORNEO	12/1	C	1
K33493	MANSYUR	Supervisor	PT PUTRA BORNEO	F002878	Kalonganu	Supervisor	PT PUTRA BORNEO	12/1	C	1
K33537	HIDAYATULLAH	Supervisor	PT PUTRA BORNEO	F002889	Kalonganu	Supervisor	PT PUTRA BORNEO	12/1	C	1
K33582	SUNARTO	Supervisor	PT PUTRA BORNEO	F002900	Kalonganu	Supervisor	PT PUTRA BORNEO	12/1	C	2
K33626	RAHMADANI	Supervisor	PT PUTRA BORNEO	F002911	Kalonganu	Supervisor	PT PUTRA BORNEO	12/1	C	1
K33670	BAHRI	Supervisor	PT PUTRA BORNEO	F002922	Kalonganu	Supervisor	PT PUTRA BORNEO	12/1	C	1
K33715	ZAINUDDIN	Supervisor	PT PUTRA BORNEO	F002933	Kalonganu	Supervisor	PT PUTRA BORNEO	12/1	C	1
K33759	SUPRIADI	Supervisor	PT PUTRA BORNEO	F002944	Kalonganu	Supervisor	PT PUTRA BORNEO	12/1	C	1
K33803	MUHAMMAD ARIF	Supervisor	PT PUTRA BORNEO	F002955	Kalonganu	Supervisor	PT PUTRA BORNEO	12/1	C	2
K33848	AKBAR	Supervisor	PT PUTRA BORNEO	F002966	Kalonganu	Supervisor	PT PUTRA BORNEO	12/1	C	1
K33892	WARDANA	Supervisor	PT PUTRA BORNEO	F002977	Kalonganu	Supervisor	PT PUTRA BORNEO	12/1	C	1
K33936	HASAN BASRI	Supervisor	PT PUTRA BORNEO	F002988	Kalonganu	Supervisor	PT PUTRA BORNEO	12/1	C	1
K33981	SAMAD	Supervisor	PT PUTRA BORNEO	F002999	Kalonganu	Supervisor	PT PUTRA BORNEO	12/1	C	1
K34025	ANTO	Supervisor	PT PUTRA BORNEO	F003010	Kalonganu	Supervisor	PT PUTRA BORNEO	12/1	C	2
K34069	MUHAMMAD YASIN	Supervisor	PT PUTRA BORNEO	F003021	Kalonganu	Supervisor	PT PUTRA BORNEO	12/1	C	1
K34114	ARSYAD	Supervisor	PT PUTRA BORNEO	F003032	Kalonganu	Supervisor	PT PUTRA BORNEO	12/1	C	1
K34158	DARMIN	Supervisor	PT PUTRA BORNEO	F003043	Kalonganu	Supervisor	PT PUTRA BORNEO	12/1	C	1
K34202	SAPRI	Supervisor	PT PUTRA BORNEO	F003054	Kalonganu	Supervisor	PT PUTRA BORNEO	12/1	C	1
K34247	NURSALIM	Supervisor	PT PUTRA BORNEO	F003065	Kalonganu	Supervisor	PT PUTRA BORNEO	12/1	C	2
K34291	HATTA	Supervisor	PT PUTRA BORNEO	F003076	Kalonganu	Supervisor	PT PUTRA BORNEO	12/1	C	1
K34335	SUHERMAN	Supervisor	PT PUTRA BORNEO	F003087	Kalonganu	Supervisor	PT PUTRA BORNEO	12/1	C	1
K34380	ILYAS	Supervisor	PT PUTRA BORNEO	F003098	Kalonganu	Supervisor	PT PUTRA BORNEO	12/1	C	1
K34424	MULYONO	Supervisor	PT PUTRA BORNEO	F003109	Kalonganu	Supervisor	PT PUTRA BORNEO	12/1	C	1
K34468	SYAMSIR	Supervisor	PT PUTRA BORNEO	F003120	Kalonganu	Supervisor	PT PUTRA BORNEO	12/1	C	2
K34513	ASNAWI	Supervisor	PT PUTRA BORNEO	F003131	Kalonganu	Supervisor	PT PUTRA BORNEO	12/1	C	1
K34557	JUSMAN	Supervisor	PT PUTRA BORNEO	F003142	Kalonganu	Supervisor	PT PUTRA BORNEO	12/1	C	1
K34601	MAHADI	Supervisor	PT PUTRA BORNEO	F003153	Kalonganu	Supervisor	PT PUTRA BORNEO	12/1	C	1
K34646	SURYADI	Supervisor	PT PUTRA BORNEO	F003164	Kalonganu	Supervisor	PT PUTRA BORNEO	12/1	C	1
K34690	FADLI	Supervisor	PT PUTRA BORNEO	F003175	Kalonganu	Supervisor	PT PUTRA BORNEO	12/1	C	2
K34734	HALIDIN	Supervisor	PT PUTRA BORNEO	F003186	Kalonganu	Supervisor	PT PUTRA BORNEO	12/1	C	1
